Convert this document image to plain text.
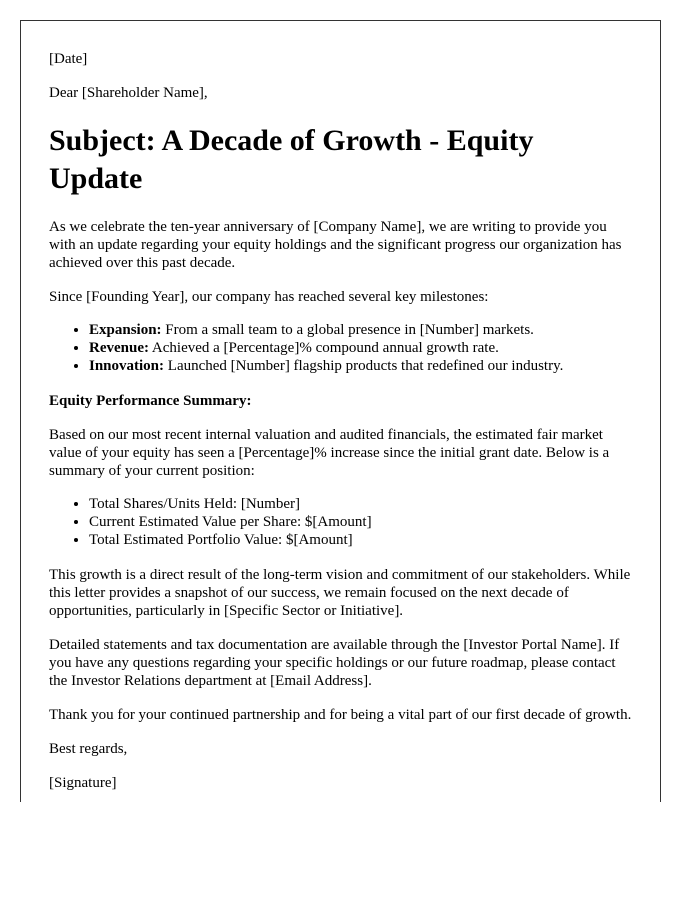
[Date]

Dear [Shareholder Name],

Subject: A Decade of Growth - Equity Update

As we celebrate the ten-year anniversary of [Company Name], we are writing to provide you with an update regarding your equity holdings and the significant progress our organization has achieved over this past decade.

Since [Founding Year], our company has reached several key milestones:

• Expansion: From a small team to a global presence in [Number] markets.
• Revenue: Achieved a [Percentage]% compound annual growth rate.
• Innovation: Launched [Number] flagship products that redefined our industry.

Equity Performance Summary:

Based on our most recent internal valuation and audited financials, the estimated fair market value of your equity has seen a [Percentage]% increase since the initial grant date. Below is a summary of your current position:

• Total Shares/Units Held: [Number]
• Current Estimated Value per Share: $[Amount]
• Total Estimated Portfolio Value: $[Amount]

This growth is a direct result of the long-term vision and commitment of our stakeholders. While this letter provides a snapshot of our success, we remain focused on the next decade of opportunities, particularly in [Specific Sector or Initiative].

Detailed statements and tax documentation are available through the [Investor Portal Name]. If you have any questions regarding your specific holdings or our future roadmap, please contact the Investor Relations department at [Email Address].

Thank you for your continued partnership and for being a vital part of our first decade of growth.

Best regards,

[Signature]
